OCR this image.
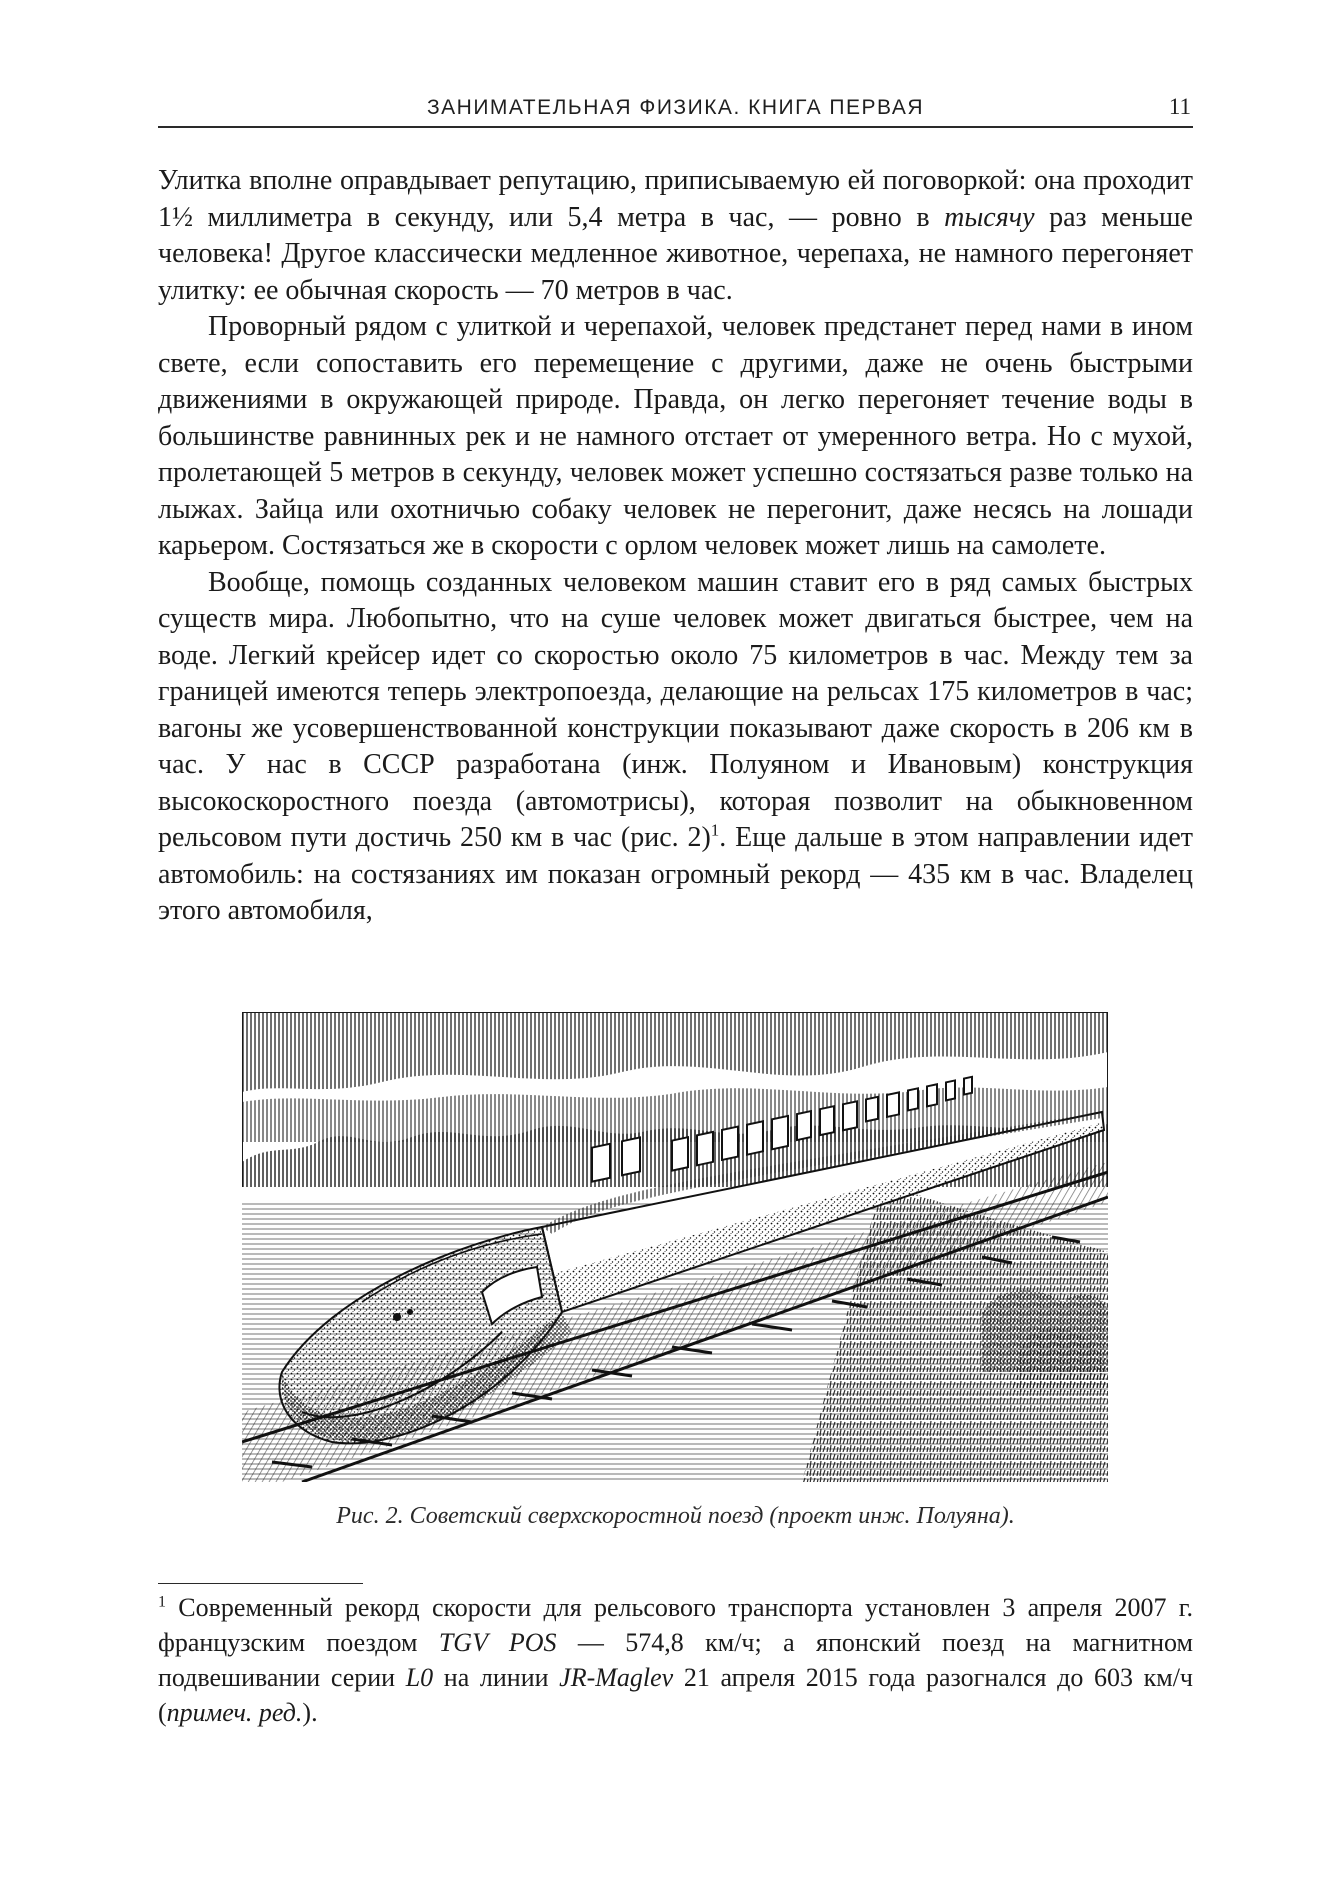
ЗАНИМАТЕЛЬНАЯ ФИЗИКА. КНИГА ПЕРВАЯ	11

Улитка вполне оправдывает репутацию, приписываемую ей поговоркой: она проходит 1½ миллиметра в секунду, или 5,4 метра в час, — ровно в тысячу раз меньше человека! Другое классически медленное животное, черепаха, не намного перегоняет улитку: ее обычная скорость — 70 метров в час.

Проворный рядом с улиткой и черепахой, человек предстанет перед нами в ином свете, если сопоставить его перемещение с другими, даже не очень быстрыми движениями в окружающей природе. Правда, он легко перегоняет течение воды в большинстве равнинных рек и не намного отстает от умеренного ветра. Но с мухой, пролетающей 5 метров в секунду, человек может успешно состязаться разве только на лыжах. Зайца или охотничью собаку человек не перегонит, даже несясь на лошади карьером. Состязаться же в скорости с орлом человек может лишь на самолете.

Вообще, помощь созданных человеком машин ставит его в ряд самых быстрых существ мира. Любопытно, что на суше человек может двигаться быстрее, чем на воде. Легкий крейсер идет со скоростью около 75 километров в час. Между тем за границей имеются теперь электропоезда, делающие на рельсах 175 километров в час; вагоны же усовершенствованной конструкции показывают даже скорость в 206 км в час. У нас в СССР разработана (инж. Полуяном и Ивановым) конструкция высокоскоростного поезда (автомотрисы), которая позволит на обыкновенном рельсовом пути достичь 250 км в час (рис. 2)$^1$. Еще дальше в этом направлении идет автомобиль: на состязаниях им показан огромный рекорд — 435 км в час. Владелец этого автомобиля,

Рис. 2. Советский сверхскоростной поезд (проект инж. Полуяна).
$^1$ Современный рекорд скорости для рельсового транспорта установлен 3 апреля 2007 г. французским поездом TGV POS — 574,8 км/ч; а японский поезд на магнитном подвешивании серии L0 на линии JR-Maglev 21 апреля 2015 года разогнался до 603 км/ч (примеч. ред.).
